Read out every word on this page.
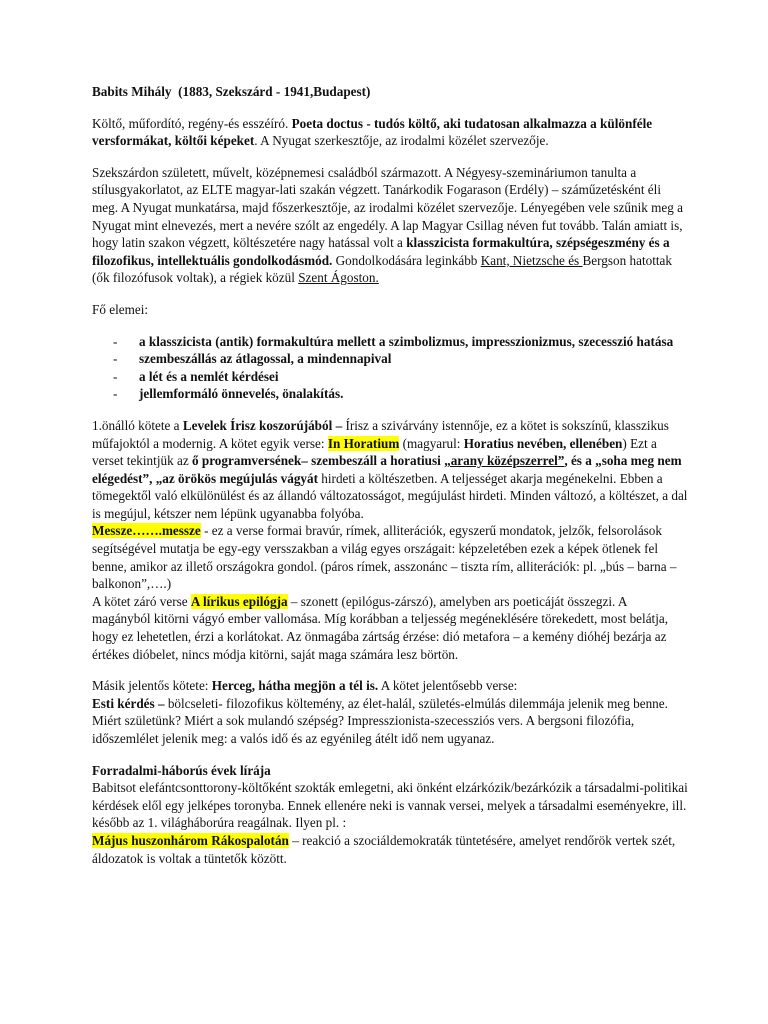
Babits Mihály (1883, Szekszárd - 1941,Budapest)

Költő, műfordító, regény-és esszéíró. Poeta doctus - tudós költő, aki tudatosan alkalmazza a különféle versformákat, költői képeket. A Nyugat szerkesztője, az irodalmi közélet szervezője.

Szekszárdon született, művelt, középnemesi családból származott. A Négyesy-szemináriumon tanulta a stílusgyakorlatot, az ELTE magyar-lati szakán végzett. Tanárkodik Fogarason (Erdély) – száműzetésként éli meg. A Nyugat munkatársa, majd főszerkesztője, az irodalmi közélet szervezője. Lényegében vele szűnik meg a Nyugat mint elnevezés, mert a nevére szólt az engedély. A lap Magyar Csillag néven fut tovább. Talán amiatt is, hogy latin szakon végzett, költészetére nagy hatással volt a klasszicista formakultúra, szépségeszmény és a filozofikus, intellektuális gondolkodásmód. Gondolkodására leginkább Kant, Nietzsche és Bergson hatottak (ők filozófusok voltak), a régiek közül Szent Ágoston.

Fő elemei:

- a klasszicista (antik) formakultúra mellett a szimbolizmus, impresszionizmus, szecesszió hatása
- szembeszállás az átlagossal, a mindennapival
- a lét és a nemlét kérdései
- jellemformáló önnevelés, önalakítás.

1.önálló kötete a Levelek Írisz koszorújából – Írisz a szivárvány istennője, ez a kötet is sokszínű, klasszikus műfajoktól a modernig. A kötet egyik verse: In Horatium (magyarul: Horatius nevében, ellenében) Ezt a verset tekintjük az ő programversének– szembeszáll a horatiusi „arany középszerrel”, és a „soha meg nem elégedést”, „az örökös megújulás vágyát hirdeti a költészetben. A teljességet akarja megénekelni. Ebben a tömegektől való elkülönülést és az állandó változatosságot, megújulást hirdeti. Minden változó, a költészet, a dal is megújul, kétszer nem lépünk ugyanabba folyóba.

Messze…….messze - ez a verse formai bravúr, rímek, alliterációk, egyszerű mondatok, jelzők, felsorolások segítségével mutatja be egy-egy versszakban a világ egyes országait: képzeletében ezek a képek ötlenek fel benne, amikor az illető országokra gondol. (páros rímek, asszonánc – tiszta rím, alliterációk: pl. „bús – barna – balkonon”,….)

A kötet záró verse A lírikus epilógja – szonett (epilógus-zárszó), amelyben ars poeticáját összegzi. A magányból kitörni vágyó ember vallomása. Míg korábban a teljesség megéneklésére törekedett, most belátja, hogy ez lehetetlen, érzi a korlátokat. Az önmagába zártság érzése: dió metafora – a kemény dióhéj bezárja az értékes dióbelet, nincs módja kitörni, saját maga számára lesz börtön.

Másik jelentős kötete: Herceg, hátha megjön a tél is. A kötet jelentősebb verse:

Esti kérdés – bölcseleti- filozofikus költemény, az élet-halál, születés-elmúlás dilemmája jelenik meg benne. Miért születünk? Miért a sok mulandó szépség? Impresszionista-szecessziós vers. A bergsoni filozófia, időszemlélet jelenik meg: a valós idő és az egyénileg átélt idő nem ugyanaz.

Forradalmi-háborús évek lírája

Babitsot elefántcsonttorony-költőként szokták emlegetni, aki önként elzárkózik/bezárkózik a társadalmi-politikai kérdések elől egy jelképes toronyba. Ennek ellenére neki is vannak versei, melyek a társadalmi eseményekre, ill. később az 1. világháborúra reagálnak. Ilyen pl. :

Május huszonhárom Rákospalotán – reakció a szociáldemokraták tüntetésére, amelyet rendőrök vertek szét, áldozatok is voltak a tüntetők között.
